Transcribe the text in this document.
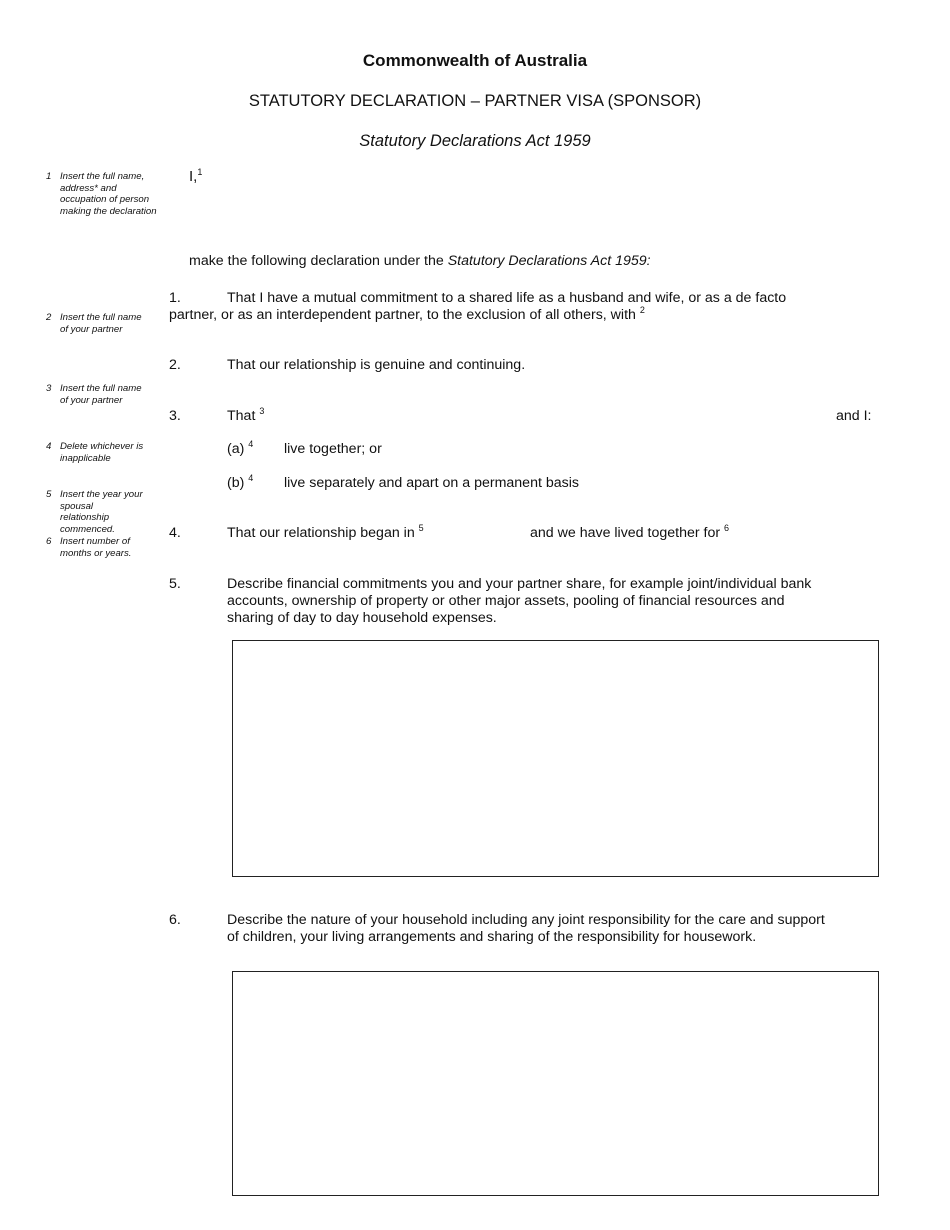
Commonwealth of Australia
STATUTORY DECLARATION – PARTNER VISA (SPONSOR)
Statutory Declarations Act 1959
1 Insert the full name, address* and occupation of person making the declaration
2 Insert the full name of your partner
3 Insert the full name of your partner
4 Delete whichever is inapplicable
5 Insert the year your spousal relationship commenced.
6 Insert number of months or years.
I,$^1$
make the following declaration under the Statutory Declarations Act 1959:
1.	That I have a mutual commitment to a shared life as a husband and wife, or as a de facto
partner, or as an interdependent partner, to the exclusion of all others, with $^2$
2.	That our relationship is genuine and continuing.
3.	That $^3$	and I:
(a) $^4$ live together; or
(b) $^4$ live separately and apart on a permanent basis
4.	That our relationship began in $^5$	and we have lived together for $^6$
5.	Describe financial commitments you and your partner share, for example joint/individual bank
accounts, ownership of property or other major assets, pooling of financial resources and
sharing of day to day household expenses.
6.	Describe the nature of your household including any joint responsibility for the care and support
of children, your living arrangements and sharing of the responsibility for housework.
